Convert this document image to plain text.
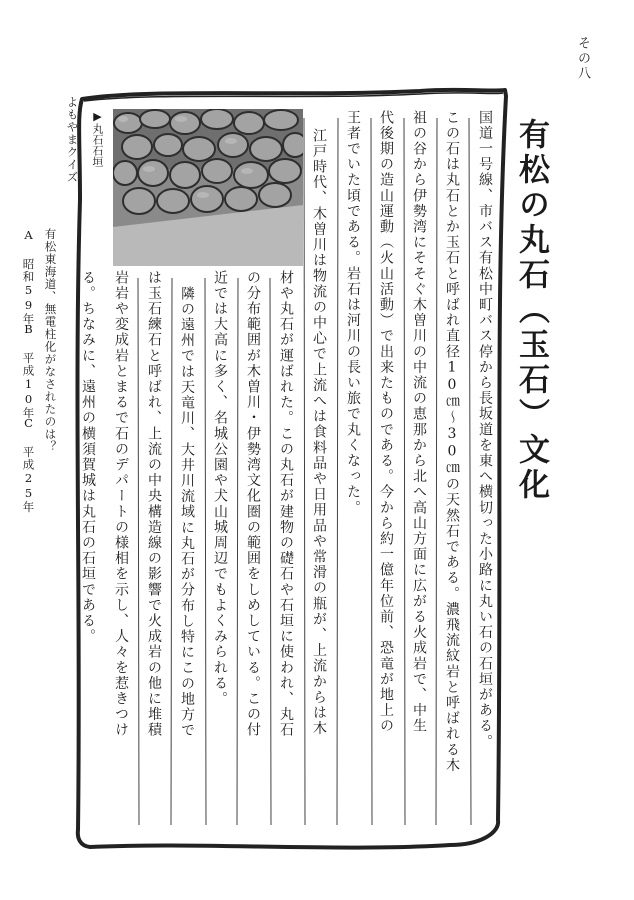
その八
有松の丸石（玉石）文化
国道一号線、市バス有松中町バス停から長坂道を東へ横切った小路に丸い石の石垣がある。
この石は丸石とか玉石と呼ばれ直径10㎝～30㎝の天然石である。濃飛流紋岩と呼ばれる木
祖の谷から伊勢湾にそそぐ木曽川の中流の恵那から北へ高山方面に広がる火成岩で、中生
代後期の造山運動（火山活動）で出来たものである。今から約一億年位前、恐竜が地上の
王者でいた頃である。岩石は河川の長い旅で丸くなった。
江戸時代、木曽川は物流の中心で上流へは食料品や日用品や常滑の瓶が、上流からは木
材や丸石が運ばれた。この丸石が建物の礎石や石垣に使われ、丸石
の分布範囲が木曽川・伊勢湾文化圏の範囲をしめしている。この付
近では大高に多く、名城公園や犬山城周辺でもよくみられる。
隣の遠州では天竜川、大井川流域に丸石が分布し特にこの地方で
は玉石練石と呼ばれ、上流の中央構造線の影響で火成岩の他に堆積
岩岩や変成岩とまるで石のデパートの様相を示し、人々を惹きつけ
る。ちなみに、遠州の横須賀城は丸石の石垣である。
▶丸石石垣
よもやまクイズ
有松東海道、無電柱化がなされたのは？
A 昭和59年
B 平成10年
C 平成25年
